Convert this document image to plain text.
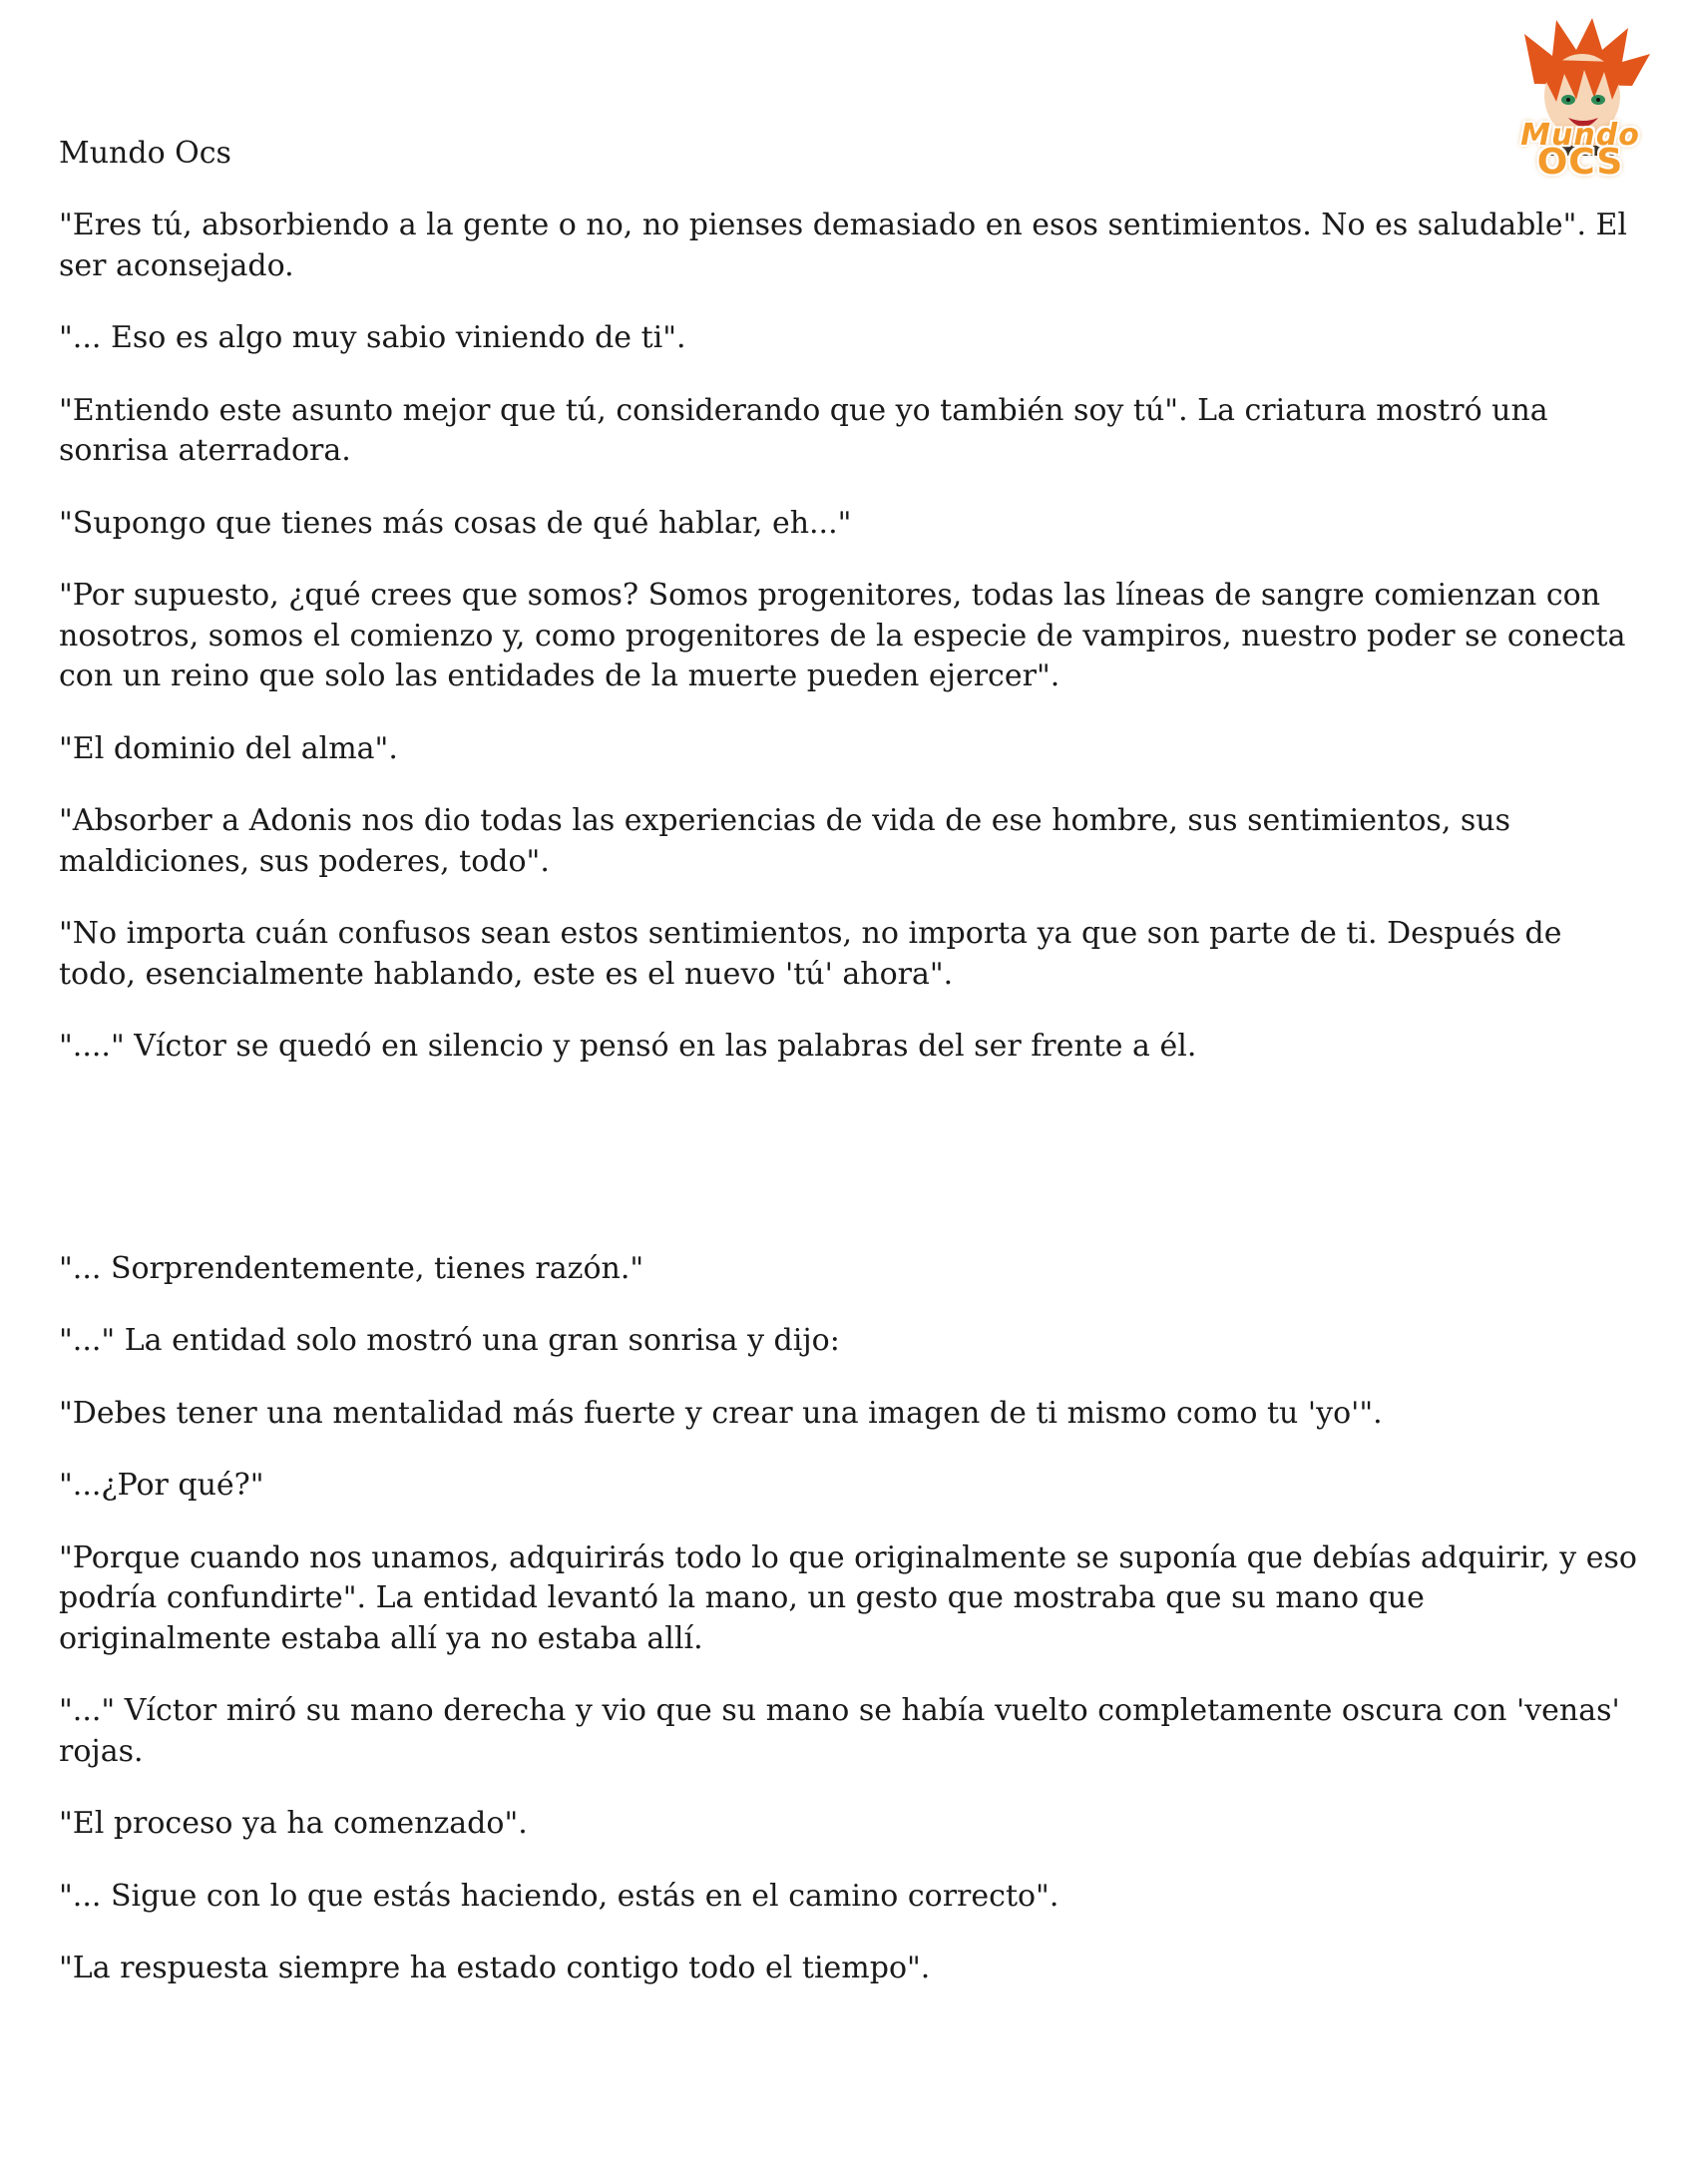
Mundo Ocs

Mundo
OCS

"Eres tú, absorbiendo a la gente o no, no pienses demasiado en esos sentimientos. No es saludable". El ser aconsejado.

"... Eso es algo muy sabio viniendo de ti".

"Entiendo este asunto mejor que tú, considerando que yo también soy tú". La criatura mostró una sonrisa aterradora.

"Supongo que tienes más cosas de qué hablar, eh..."

"Por supuesto, ¿qué crees que somos? Somos progenitores, todas las líneas de sangre comienzan con nosotros, somos el comienzo y, como progenitores de la especie de vampiros, nuestro poder se conecta con un reino que solo las entidades de la muerte pueden ejercer".

"El dominio del alma".

"Absorber a Adonis nos dio todas las experiencias de vida de ese hombre, sus sentimientos, sus maldiciones, sus poderes, todo".

"No importa cuán confusos sean estos sentimientos, no importa ya que son parte de ti. Después de todo, esencialmente hablando, este es el nuevo 'tú' ahora".

"...." Víctor se quedó en silencio y pensó en las palabras del ser frente a él.

"... Sorprendentemente, tienes razón."

"..." La entidad solo mostró una gran sonrisa y dijo:

"Debes tener una mentalidad más fuerte y crear una imagen de ti mismo como tu 'yo'".

"...¿Por qué?"

"Porque cuando nos unamos, adquirirás todo lo que originalmente se suponía que debías adquirir, y eso podría confundirte". La entidad levantó la mano, un gesto que mostraba que su mano que originalmente estaba allí ya no estaba allí.

"..." Víctor miró su mano derecha y vio que su mano se había vuelto completamente oscura con 'venas' rojas.

"El proceso ya ha comenzado".

"... Sigue con lo que estás haciendo, estás en el camino correcto".

"La respuesta siempre ha estado contigo todo el tiempo".
